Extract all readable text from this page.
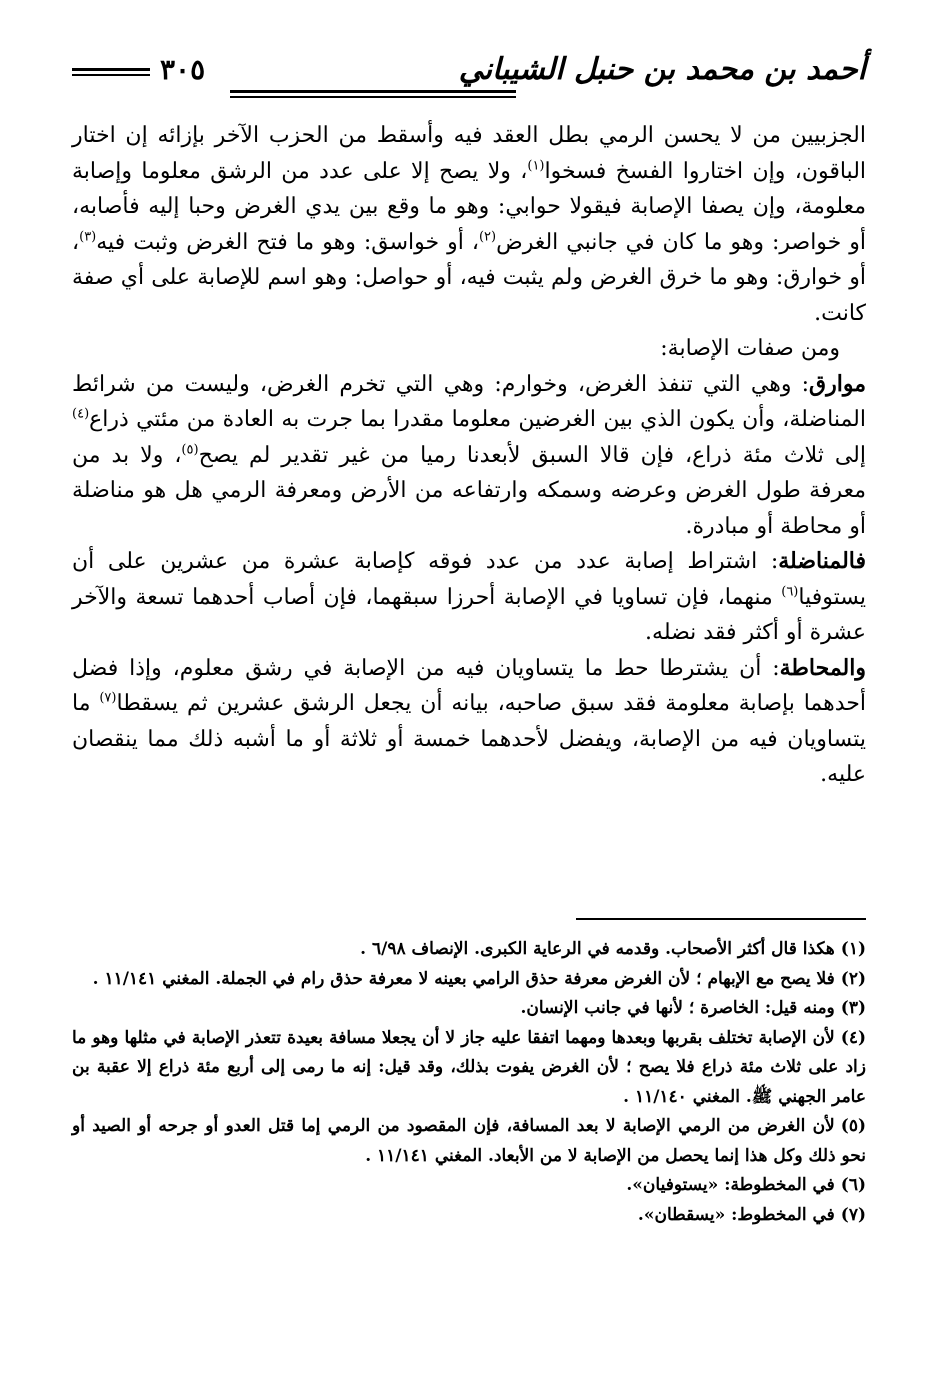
أحمد بن محمد بن حنبل الشيباني
٣٠٥

الجزبيين من لا يحسن الرمي بطل العقد فيه وأسقط من الحزب الآخر بإزائه إن اختار الباقون، وإن اختاروا الفسخ فسخوا$^{(١)}$، ولا يصح إلا على عدد من الرشق معلوما وإصابة معلومة، وإن يصفا الإصابة فيقولا حوابي: وهو ما وقع بين يدي الغرض وحبا إليه فأصابه، أو خواصر: وهو ما كان في جانبي الغرض$^{(٢)}$، أو خواسق: وهو ما فتح الغرض وثبت فيه$^{(٣)}$، أو خوارق: وهو ما خرق الغرض ولم يثبت فيه، أو حواصل: وهو اسم للإصابة على أي صفة كانت.

ومن صفات الإصابة:

موارق: وهي التي تنفذ الغرض، وخوارم: وهي التي تخرم الغرض، وليست من شرائط المناضلة، وأن يكون الذي بين الغرضين معلوما مقدرا بما جرت به العادة من مئتي ذراع$^{(٤)}$ إلى ثلاث مئة ذراع، فإن قالا السبق لأبعدنا رميا من غير تقدير لم يصح$^{(٥)}$، ولا بد من معرفة طول الغرض وعرضه وسمكه وارتفاعه من الأرض ومعرفة الرمي هل هو مناضلة أو محاطة أو مبادرة.

فالمناضلة: اشتراط إصابة عدد من عدد فوقه كإصابة عشرة من عشرين على أن يستوفيا$^{(٦)}$ منهما، فإن تساويا في الإصابة أحرزا سبقهما، فإن أصاب أحدهما تسعة والآخر عشرة أو أكثر فقد نضله.

والمحاطة: أن يشترطا حط ما يتساويان فيه من الإصابة في رشق معلوم، وإذا فضل أحدهما بإصابة معلومة فقد سبق صاحبه، بيانه أن يجعل الرشق عشرين ثم يسقطا$^{(٧)}$ ما يتساويان فيه من الإصابة، ويفضل لأحدهما خمسة أو ثلاثة أو ما أشبه ذلك مما ينقصان عليه.

(١)هكذا قال أكثر الأصحاب. وقدمه في الرعاية الكبرى. الإنصاف ٦/٩٨ .

(٢)فلا يصح مع الإبهام ؛ لأن الغرض معرفة حذق الرامي بعينه لا معرفة حذق رام في الجملة. المغني ١١/١٤١ .

(٣)ومنه قيل: الخاصرة ؛ لأنها في جانب الإنسان.

(٤)لأن الإصابة تختلف بقربها وبعدها ومهما اتفقا عليه جاز لا أن يجعلا مسافة بعيدة تتعذر الإصابة في مثلها وهو ما زاد على ثلاث مئة ذراع فلا يصح ؛ لأن الغرض يفوت بذلك، وقد قيل: إنه ما رمى إلى أربع مئة ذراع إلا عقبة بن عامر الجهني ﷺ. المغني ١١/١٤٠ .

(٥)لأن الغرض من الرمي الإصابة لا بعد المسافة، فإن المقصود من الرمي إما قتل العدو أو جرحه أو الصيد أو نحو ذلك وكل هذا إنما يحصل من الإصابة لا من الأبعاد. المغني ١١/١٤١ .

(٦)في المخطوطة: «يستوفيان».

(٧)في المخطوط: «يسقطان».
